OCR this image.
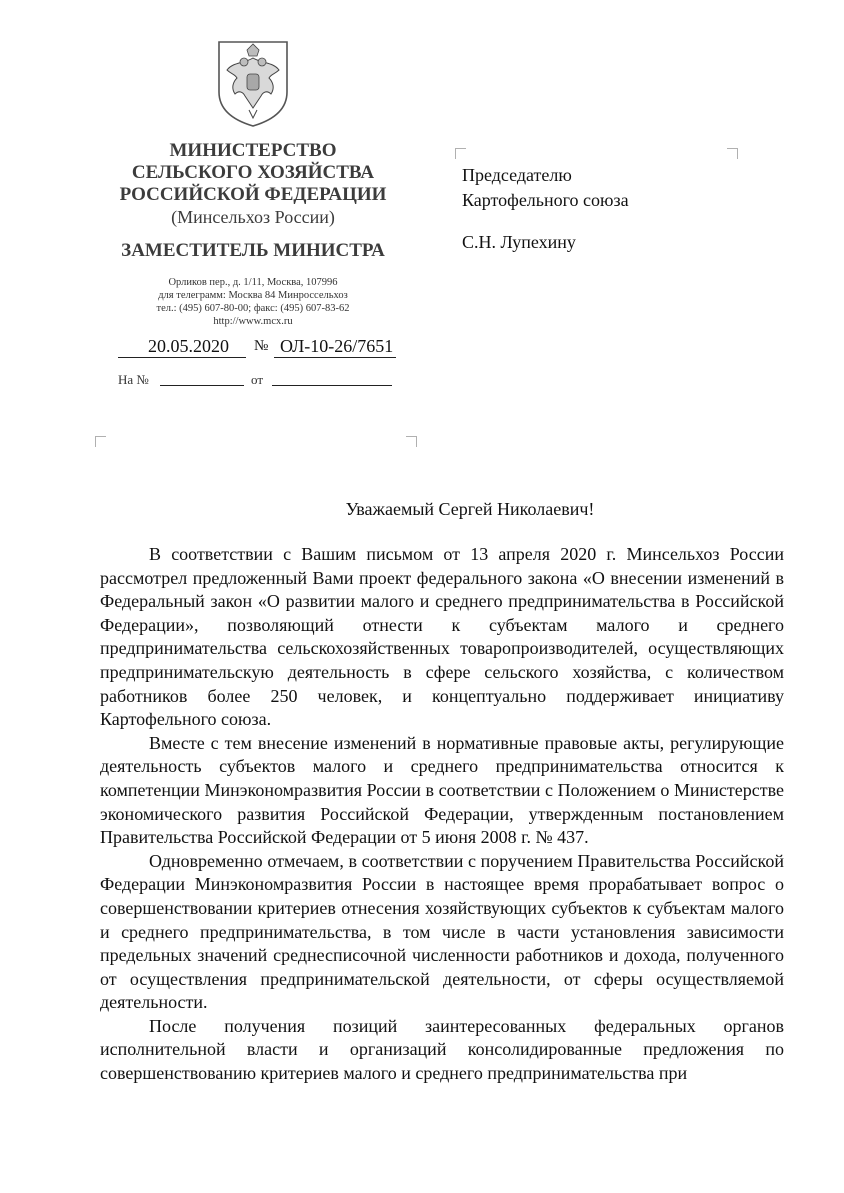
МИНИСТЕРСТВО
СЕЛЬСКОГО ХОЗЯЙСТВА
РОССИЙСКОЙ ФЕДЕРАЦИИ
(Минсельхоз России)
ЗАМЕСТИТЕЛЬ МИНИСТРА
Орликов пер., д. 1/11, Москва, 107996
для телеграмм: Москва 84 Минроссельхоз
тел.: (495) 607-80-00; факс: (495) 607-83-62
http://www.mcx.ru
20.05.2020 № ОЛ-10-26/7651
На №	от
Председателю
Картофельного союза
С.Н. Лупехину
Уважаемый Сергей Николаевич!

В соответствии с Вашим письмом от 13 апреля 2020 г. Минсельхоз России рассмотрел предложенный Вами проект федерального закона «О внесении изменений в Федеральный закон «О развитии малого и среднего предпринимательства в Российской Федерации», позволяющий отнести к субъектам малого и среднего предпринимательства сельскохозяйственных товаропроизводителей, осуществляющих предпринимательскую деятельность в сфере сельского хозяйства, с количеством работников более 250 человек, и концептуально поддерживает инициативу Картофельного союза.

Вместе с тем внесение изменений в нормативные правовые акты, регулирующие деятельность субъектов малого и среднего предпринимательства относится к компетенции Минэкономразвития России в соответствии с Положением о Министерстве экономического развития Российской Федерации, утвержденным постановлением Правительства Российской Федерации от 5 июня 2008 г. № 437.

Одновременно отмечаем, в соответствии с поручением Правительства Российской Федерации Минэкономразвития России в настоящее время прорабатывает вопрос о совершенствовании критериев отнесения хозяйствующих субъектов к субъектам малого и среднего предпринимательства, в том числе в части установления зависимости предельных значений среднесписочной численности работников и дохода, полученного от осуществления предпринимательской деятельности, от сферы осуществляемой деятельности.

После получения позиций заинтересованных федеральных органов исполнительной власти и организаций консолидированные предложения по совершенствованию критериев малого и среднего предпринимательства при
